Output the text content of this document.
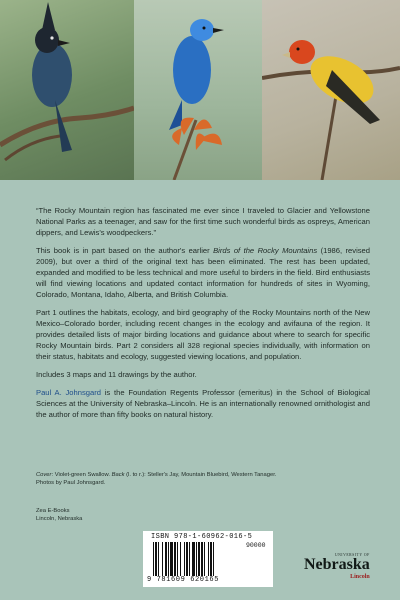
“The Rocky Mountain region has fascinated me ever since I traveled to Glacier and Yellowstone National Parks as a teenager, and saw for the first time such wonderful birds as ospreys, American dippers, and Lewis's woodpeckers.”

This book is in part based on the author's earlier Birds of the Rocky Mountains (1986, revised 2009), but over a third of the original text has been eliminated. The rest has been updated, expanded and modified to be less technical and more useful to birders in the field. Bird enthusiasts will find viewing locations and updated contact information for hundreds of sites in Wyoming, Colorado, Montana, Idaho, Alberta, and British Columbia.

Part 1 outlines the habitats, ecology, and bird geography of the Rocky Mountains north of the New Mexico–Colorado border, including recent changes in the ecology and avifauna of the region. It provides detailed lists of major birding locations and guidance about where to search for specific Rocky Mountain birds. Part 2 considers all 328 regional species individually, with information on their status, habitats and ecology, suggested viewing locations, and population.

Includes 3 maps and 11 drawings by the author.

Paul A. Johnsgard is the Foundation Regents Professor (emeritus) in the School of Biological Sciences at the University of Nebraska–Lincoln. He is an internationally renowned ornithologist and the author of more than fifty books on natural history.

Cover: Violet-green Swallow. Back (l. to r.): Steller's Jay, Mountain Bluebird, Western Tanager.
Photos by Paul Johnsgard.
Zea E-Books
Lincoln, Nebraska
ISBN 978-1-60962-016-5
90000
9 781609 620165
UNIVERSITY OF
Nebraska
Lincoln
